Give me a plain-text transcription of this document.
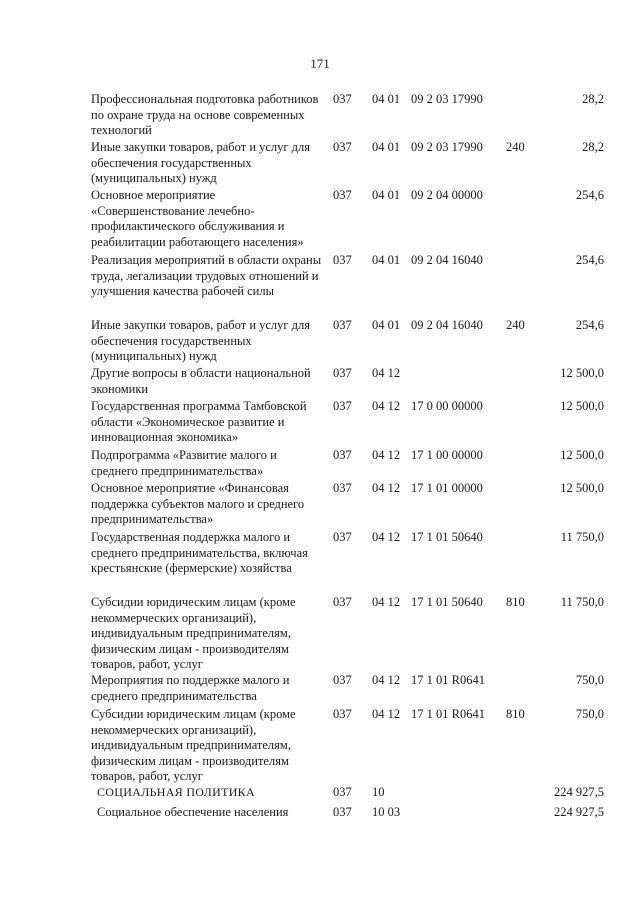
171
Профессиональная подготовка работников по охране труда на основе современных технологий
037	04 01 09 2 03 17990	28,2
Иные закупки товаров, работ и услуг для обеспечения государственных (муниципальных) нужд
037	04 01 09 2 03 17990	240	28,2
Основное мероприятие «Совершенствование лечебно-профилактического обслуживания и реабилитации работающего населения»
037	04 01 09 2 04 00000	254,6
Реализация мероприятий в области охраны труда, легализации трудовых отношений и улучшения качества рабочей силы
037	04 01 09 2 04 16040	254,6
Иные закупки товаров, работ и услуг для обеспечения государственных (муниципальных) нужд
037	04 01 09 2 04 16040	240	254,6
Другие вопросы в области национальной экономики
037	04 12	12 500,0
Государственная программа Тамбовской области «Экономическое развитие и инновационная экономика»
037	04 12 17 0 00 00000	12 500,0
Подпрограмма «Развитие малого и среднего предпринимательства»
037	04 12 17 1 00 00000	12 500,0
Основное мероприятие «Финансовая поддержка субъектов малого и среднего предпринимательства»
037	04 12 17 1 01 00000	12 500,0
Государственная поддержка малого и среднего предпринимательства, включая крестьянские (фермерские) хозяйства
037	04 12 17 1 01 50640	11 750,0
Субсидии юридическим лицам (кроме некоммерческих организаций), индивидуальным предпринимателям, физическим лицам - производителям товаров, работ, услуг
037	04 12 17 1 01 50640	810	11 750,0
Мероприятия по поддержке малого и среднего предпринимательства
037	04 12 17 1 01 R0641	750,0
Субсидии юридическим лицам (кроме некоммерческих организаций), индивидуальным предпринимателям, физическим лицам - производителям товаров, работ, услуг
037	04 12 17 1 01 R0641	810	750,0
СОЦИАЛЬНАЯ ПОЛИТИКА	037	10	224 927,5
Социальное обеспечение населения	037	10 03	224 927,5
